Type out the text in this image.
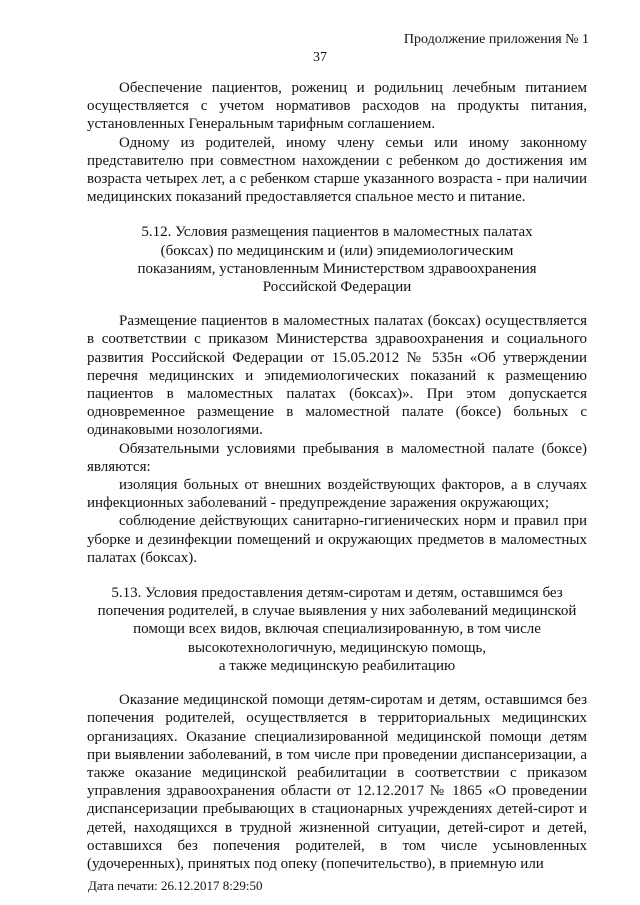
Продолжение приложения № 1
37

Обеспечение пациентов, рожениц и родильниц лечебным питанием осуществляется с учетом нормативов расходов на продукты питания, установленных Генеральным тарифным соглашением.

Одному из родителей, иному члену семьи или иному законному представителю при совместном нахождении с ребенком до достижения им возраста четырех лет, а с ребенком старше указанного возраста - при наличии медицинских показаний предоставляется спальное место и питание.

5.12. Условия размещения пациентов в маломестных палатах
(боксах) по медицинским и (или) эпидемиологическим
показаниям, установленным Министерством здравоохранения
Российской Федерации

Размещение пациентов в маломестных палатах (боксах) осуществляется в соответствии с приказом Министерства здравоохранения и социального развития Российской Федерации от 15.05.2012 № 535н «Об утверждении перечня медицинских и эпидемиологических показаний к размещению пациентов в маломестных палатах (боксах)». При этом допускается одновременное размещение в маломестной палате (боксе) больных с одинаковыми нозологиями.

Обязательными условиями пребывания в маломестной палате (боксе) являются:

изоляция больных от внешних воздействующих факторов, а в случаях инфекционных заболеваний - предупреждение заражения окружающих;

соблюдение действующих санитарно-гигиенических норм и правил при уборке и дезинфекции помещений и окружающих предметов в маломестных палатах (боксах).

5.13. Условия предоставления детям-сиротам и детям, оставшимся без
попечения родителей, в случае выявления у них заболеваний медицинской
помощи всех видов, включая специализированную, в том числе
высокотехнологичную, медицинскую помощь,
а также медицинскую реабилитацию

Оказание медицинской помощи детям-сиротам и детям, оставшимся без попечения родителей, осуществляется в территориальных медицинских организациях. Оказание специализированной медицинской помощи детям при выявлении заболеваний, в том числе при проведении диспансеризации, а также оказание медицинской реабилитации в соответствии с приказом управления здравоохранения области от 12.12.2017 № 1865 «О проведении диспансеризации пребывающих в стационарных учреждениях детей-сирот и детей, находящихся в трудной жизненной ситуации, детей-сирот и детей, оставшихся без попечения родителей, в том числе усыновленных (удочеренных), принятых под опеку (попечительство), в приемную или

Дата печати: 26.12.2017 8:29:50
